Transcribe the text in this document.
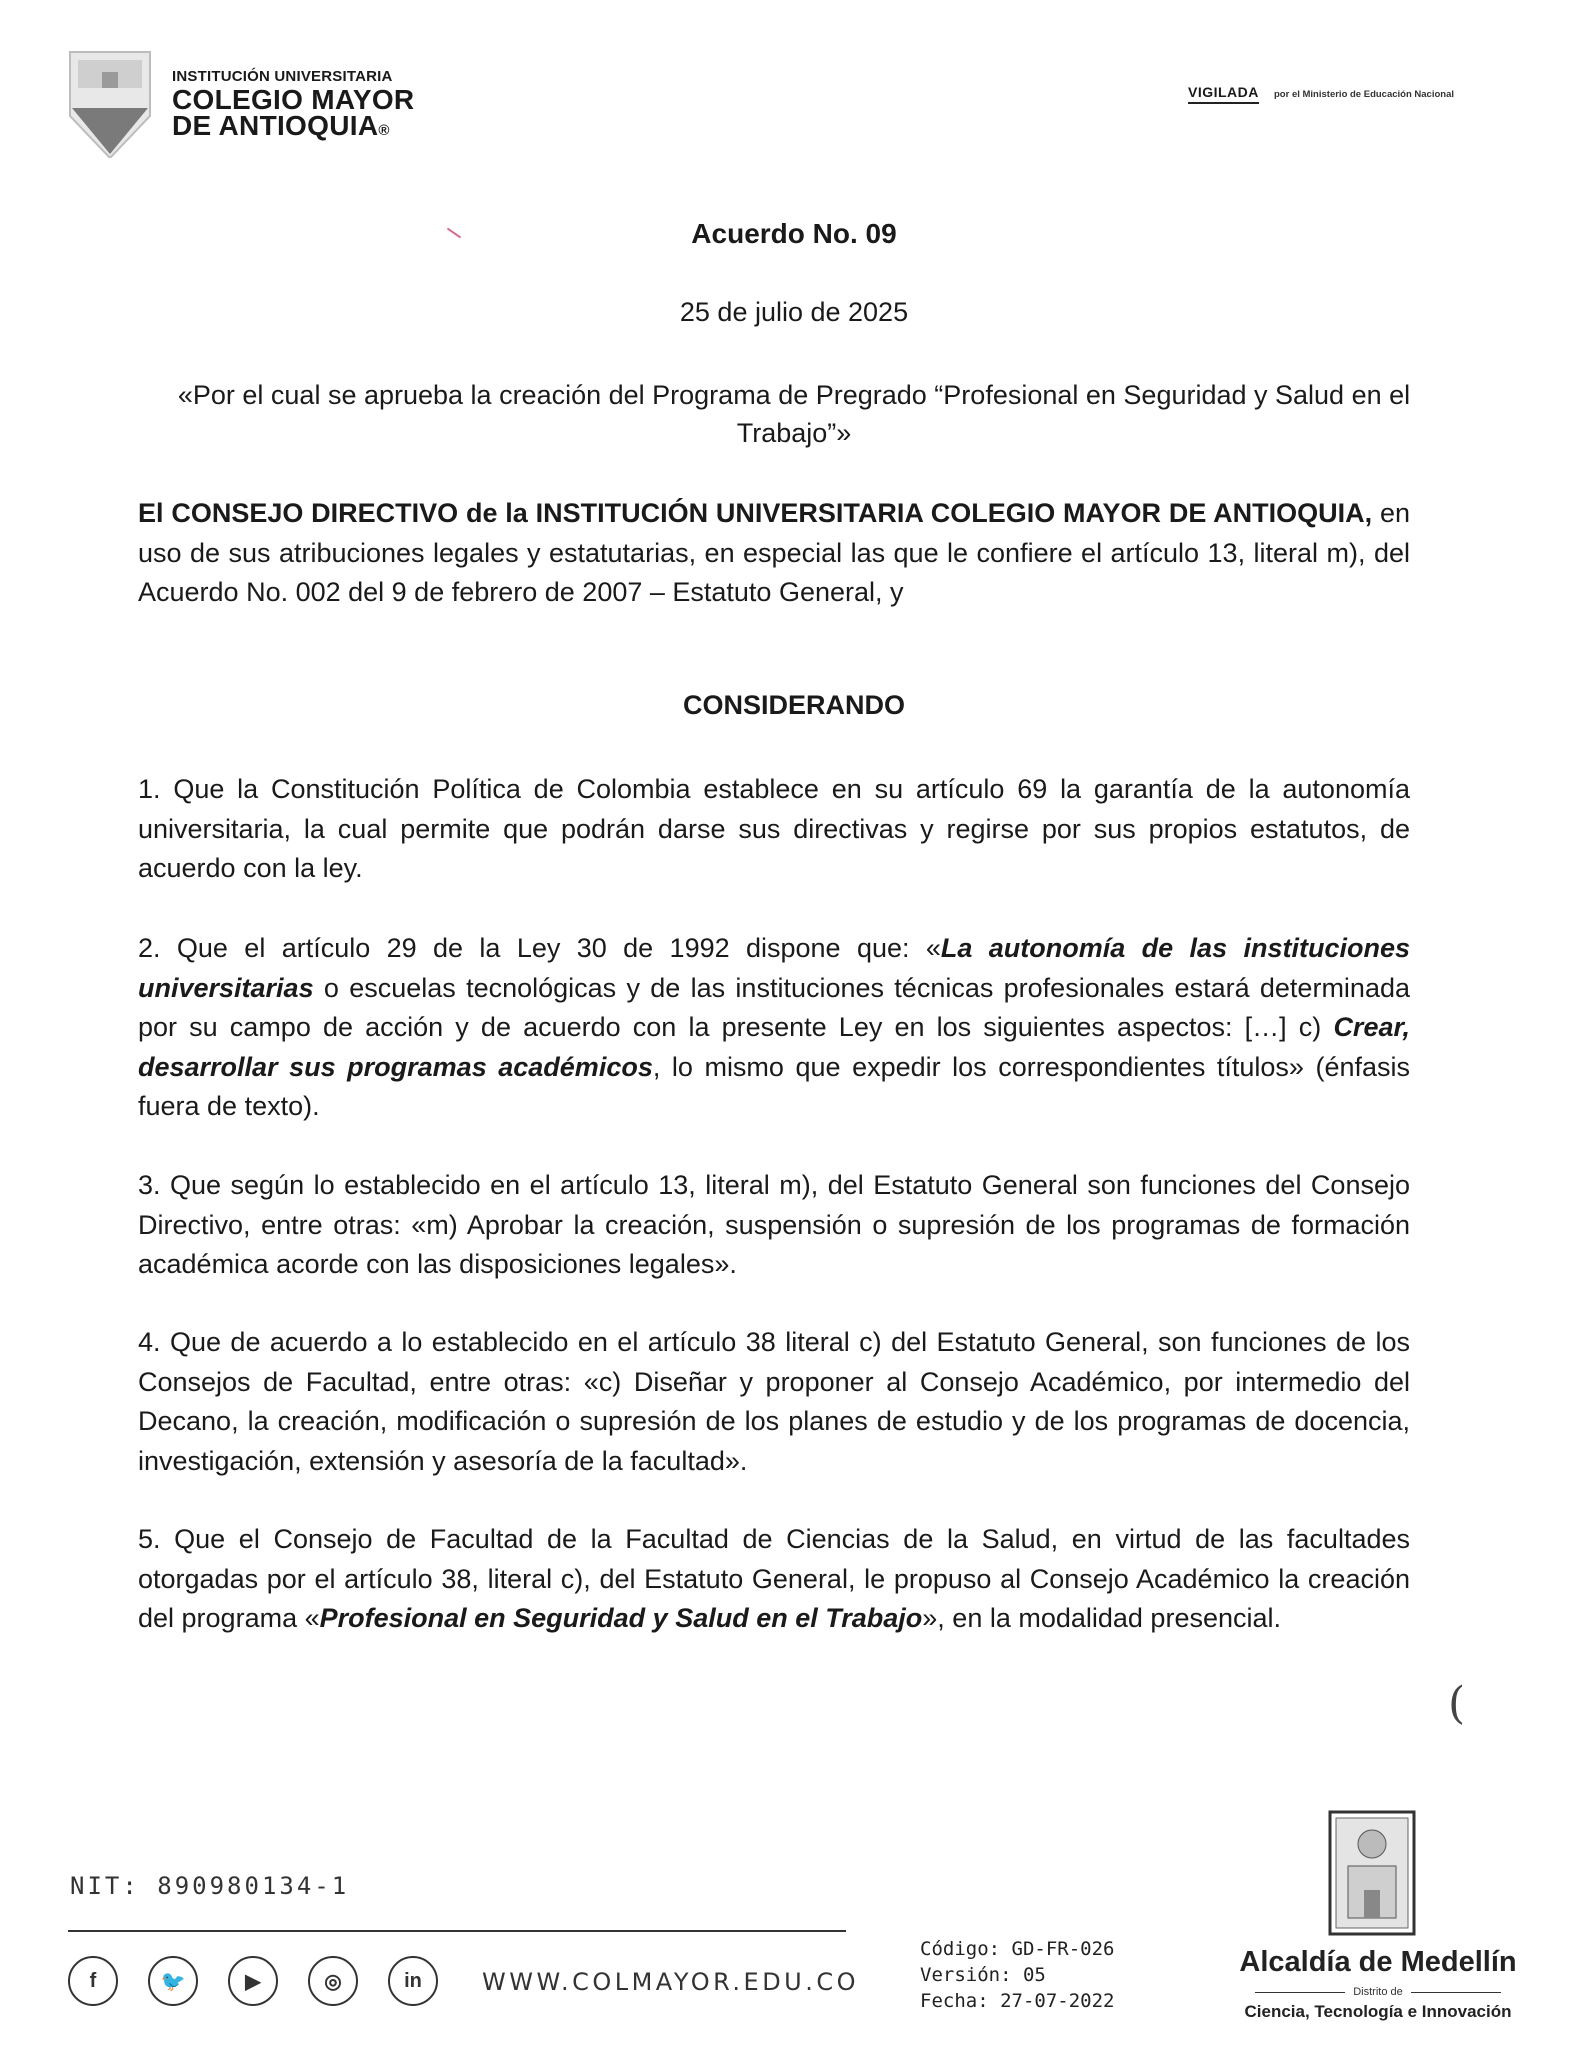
INSTITUCIÓN UNIVERSITARIA
COLEGIO MAYOR
DE ANTIOQUIA®
VIGILADA por el Ministerio de Educación Nacional
Acuerdo No. 09
25 de julio de 2025
«Por el cual se aprueba la creación del Programa de Pregrado “Profesional en Seguridad y Salud en el Trabajo”»
El CONSEJO DIRECTIVO de la INSTITUCIÓN UNIVERSITARIA COLEGIO MAYOR DE ANTIOQUIA, en uso de sus atribuciones legales y estatutarias, en especial las que le confiere el artículo 13, literal m), del Acuerdo No. 002 del 9 de febrero de 2007 – Estatuto General, y
CONSIDERANDO
1. Que la Constitución Política de Colombia establece en su artículo 69 la garantía de la autonomía universitaria, la cual permite que podrán darse sus directivas y regirse por sus propios estatutos, de acuerdo con la ley.
2. Que el artículo 29 de la Ley 30 de 1992 dispone que: «La autonomía de las instituciones universitarias o escuelas tecnológicas y de las instituciones técnicas profesionales estará determinada por su campo de acción y de acuerdo con la presente Ley en los siguientes aspectos: […] c) Crear, desarrollar sus programas académicos, lo mismo que expedir los correspondientes títulos» (énfasis fuera de texto).
3. Que según lo establecido en el artículo 13, literal m), del Estatuto General son funciones del Consejo Directivo, entre otras: «m) Aprobar la creación, suspensión o supresión de los programas de formación académica acorde con las disposiciones legales».
4. Que de acuerdo a lo establecido en el artículo 38 literal c) del Estatuto General, son funciones de los Consejos de Facultad, entre otras: «c) Diseñar y proponer al Consejo Académico, por intermedio del Decano, la creación, modificación o supresión de los planes de estudio y de los programas de docencia, investigación, extensión y asesoría de la facultad».
5. Que el Consejo de Facultad de la Facultad de Ciencias de la Salud, en virtud de las facultades otorgadas por el artículo 38, literal c), del Estatuto General, le propuso al Consejo Académico la creación del programa «Profesional en Seguridad y Salud en el Trabajo», en la modalidad presencial.
(
NIT: 890980134-1
f	🐦	▶	◎	in	WWW.COLMAYOR.EDU.CO
Código: GD-FR-026
Versión: 05
Fecha: 27-07-2022
Alcaldía de Medellín
Distrito de
Ciencia, Tecnología e Innovación
